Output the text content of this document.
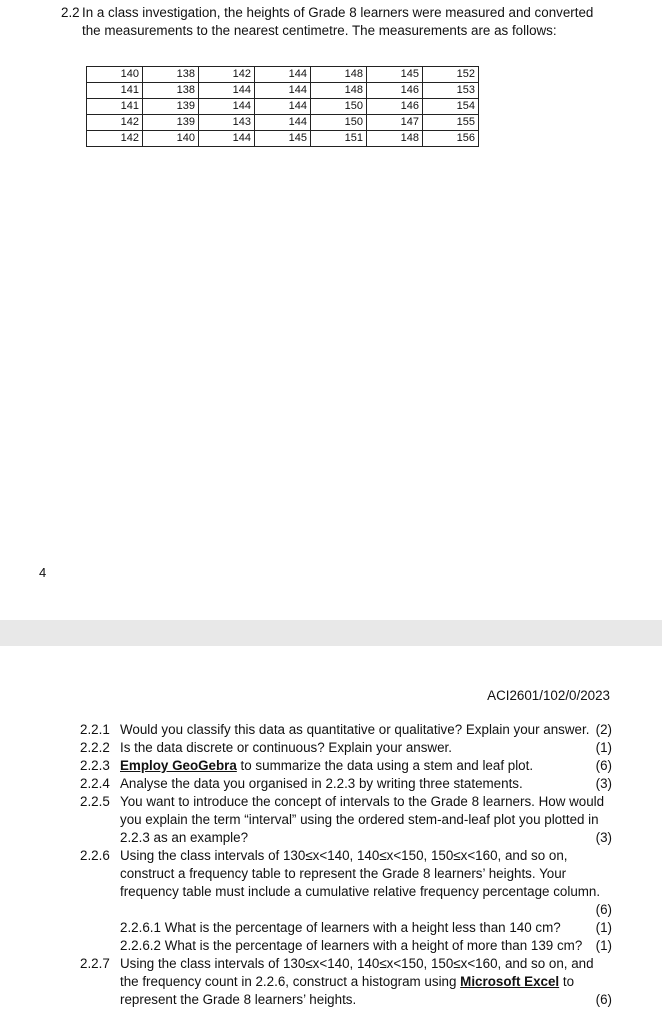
2.2 In a class investigation, the heights of Grade 8 learners were measured and converted
the measurements to the nearest centimetre. The measurements are as follows:
140	138	142	144	148	145	152
141	138	144	144	148	146	153
141	139	144	144	150	146	154
142	139	143	144	150	147	155
142	140	144	145	151	148	156
4
ACI2601/102/0/2023
2.2.1	(2)
Would you classify this data as quantitative or qualitative? Explain your answer.
2.2.2	(1)
Is the data discrete or continuous? Explain your answer.
2.2.3	(6)
Employ GeoGebra to summarize the data using a stem and leaf plot.
2.2.4	(3)
Analyse the data you organised in 2.2.3 by writing three statements.
2.2.5 You want to introduce the concept of intervals to the Grade 8 learners. How would
you explain the term “interval” using the ordered stem-and-leaf plot you plotted in
(3)
2.2.3 as an example?
2.2.6 Using the class intervals of 130≤x<140, 140≤x<150, 150≤x<160, and so on,
construct a frequency table to represent the Grade 8 learners’ heights. Your
frequency table must include a cumulative relative frequency percentage column.
(6)
(1)
2.2.6.1 What is the percentage of learners with a height less than 140 cm?
(1)
2.2.6.2 What is the percentage of learners with a height of more than 139 cm?
2.2.7 Using the class intervals of 130≤x<140, 140≤x<150, 150≤x<160, and so on, and
the frequency count in 2.2.6, construct a histogram using Microsoft Excel to
(6)
represent the Grade 8 learners’ heights.
